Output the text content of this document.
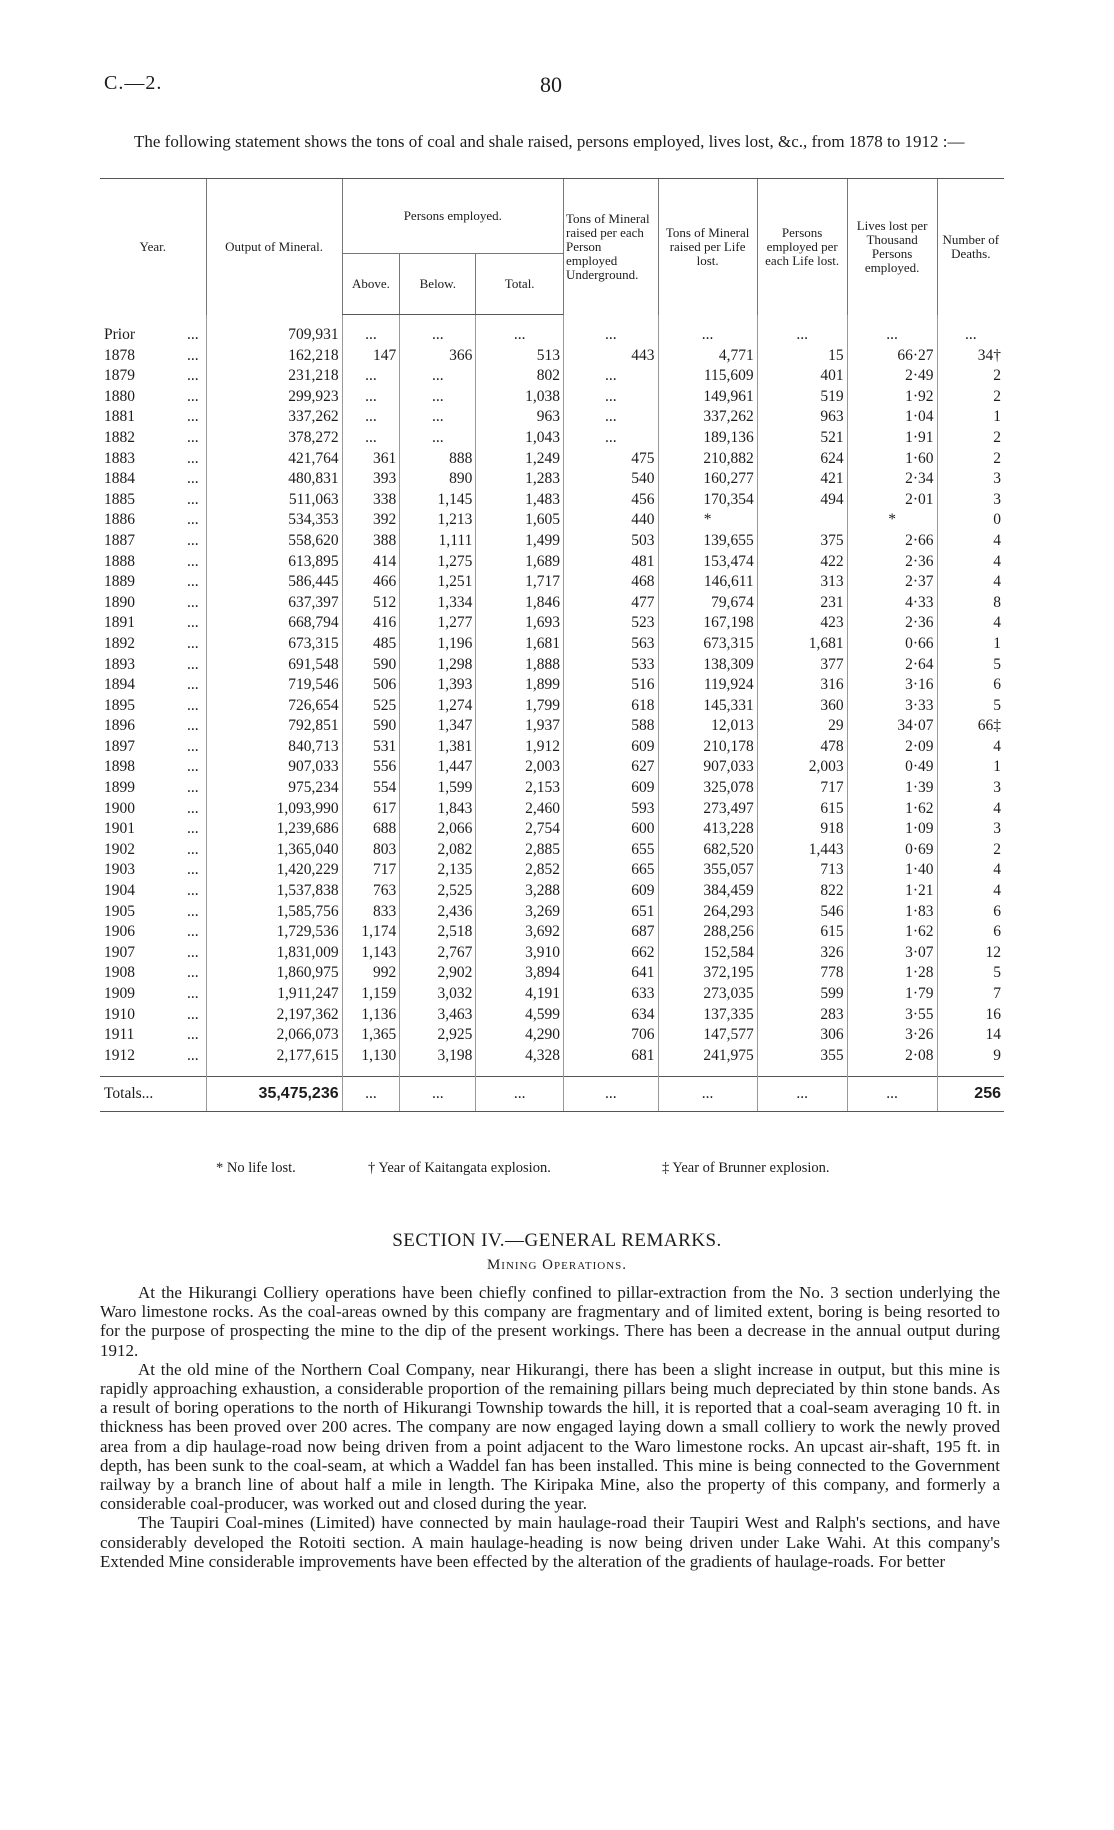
C.—2.	80

The following statement shows the tons of coal and shale raised, persons employed, lives lost, &c., from 1878 to 1912 :—

Year.	Output of Mineral.	Persons employed.			Tons of Mineral raised per each Person employed Underground.	Tons of Mineral raised per Life lost.	Persons employed per each Life lost.	Lives lost per Thousand Persons employed.	Number of Deaths.
		Above.	Below.	Total.					

Prior ...	709,931	...	...	...	...	...	...	...	...
1878 ...	162,218	147	366	513	443	4,771	15	66·27	34†
1879 ...	231,218	...	...	802	...	115,609	401	2·49	2
1880 ...	299,923	...	...	1,038	...	149,961	519	1·92	2
1881 ...	337,262	...	...	963	...	337,262	963	1·04	1
1882 ...	378,272	...	...	1,043	...	189,136	521	1·91	2
1883 ...	421,764	361	888	1,249	475	210,882	624	1·60	2
1884 ...	480,831	393	890	1,283	540	160,277	421	2·34	3
1885 ...	511,063	338	1,145	1,483	456	170,354	494	2·01	3
1886 ...	534,353	392	1,213	1,605	440	*		*	0
1887 ...	558,620	388	1,111	1,499	503	139,655	375	2·66	4
1888 ...	613,895	414	1,275	1,689	481	153,474	422	2·36	4
1889 ...	586,445	466	1,251	1,717	468	146,611	313	2·37	4
1890 ...	637,397	512	1,334	1,846	477	79,674	231	4·33	8
1891 ...	668,794	416	1,277	1,693	523	167,198	423	2·36	4
1892 ...	673,315	485	1,196	1,681	563	673,315	1,681	0·66	1
1893 ...	691,548	590	1,298	1,888	533	138,309	377	2·64	5
1894 ...	719,546	506	1,393	1,899	516	119,924	316	3·16	6
1895 ...	726,654	525	1,274	1,799	618	145,331	360	3·33	5
1896 ...	792,851	590	1,347	1,937	588	12,013	29	34·07	66‡
1897 ...	840,713	531	1,381	1,912	609	210,178	478	2·09	4
1898 ...	907,033	556	1,447	2,003	627	907,033	2,003	0·49	1
1899 ...	975,234	554	1,599	2,153	609	325,078	717	1·39	3
1900 ...	1,093,990	617	1,843	2,460	593	273,497	615	1·62	4
1901 ...	1,239,686	688	2,066	2,754	600	413,228	918	1·09	3
1902 ...	1,365,040	803	2,082	2,885	655	682,520	1,443	0·69	2
1903 ...	1,420,229	717	2,135	2,852	665	355,057	713	1·40	4
1904 ...	1,537,838	763	2,525	3,288	609	384,459	822	1·21	4
1905 ...	1,585,756	833	2,436	3,269	651	264,293	546	1·83	6
1906 ...	1,729,536	1,174	2,518	3,692	687	288,256	615	1·62	6
1907 ...	1,831,009	1,143	2,767	3,910	662	152,584	326	3·07	12
1908 ...	1,860,975	992	2,902	3,894	641	372,195	778	1·28	5
1909 ...	1,911,247	1,159	3,032	4,191	633	273,035	599	1·79	7
1910 ...	2,197,362	1,136	3,463	4,599	634	137,335	283	3·55	16
1911 ...	2,066,073	1,365	2,925	4,290	706	147,577	306	3·26	14
1912 ...	2,177,615	1,130	3,198	4,328	681	241,975	355	2·08	9

Totals...	35,475,236	...	...	...	...	...	...	...	256
* No life lost.	† Year of Kaitangata explosion.	‡ Year of Brunner explosion.
SECTION IV.—GENERAL REMARKS.
Mining Operations.

At the Hikurangi Colliery operations have been chiefly confined to pillar-extraction from the No. 3 section underlying the Waro limestone rocks. As the coal-areas owned by this company are fragmentary and of limited extent, boring is being resorted to for the purpose of prospecting the mine to the dip of the present workings. There has been a decrease in the annual output during 1912.

At the old mine of the Northern Coal Company, near Hikurangi, there has been a slight increase in output, but this mine is rapidly approaching exhaustion, a considerable proportion of the remaining pillars being much depreciated by thin stone bands. As a result of boring operations to the north of Hikurangi Township towards the hill, it is reported that a coal-seam averaging 10 ft. in thickness has been proved over 200 acres. The company are now engaged laying down a small colliery to work the newly proved area from a dip haulage-road now being driven from a point adjacent to the Waro limestone rocks. An upcast air-shaft, 195 ft. in depth, has been sunk to the coal-seam, at which a Waddel fan has been installed. This mine is being connected to the Government railway by a branch line of about half a mile in length. The Kiripaka Mine, also the property of this company, and formerly a considerable coal-producer, was worked out and closed during the year.

The Taupiri Coal-mines (Limited) have connected by main haulage-road their Taupiri West and Ralph's sections, and have considerably developed the Rotoiti section. A main haulage-heading is now being driven under Lake Wahi. At this company's Extended Mine considerable improvements have been effected by the alteration of the gradients of haulage-roads. For better
